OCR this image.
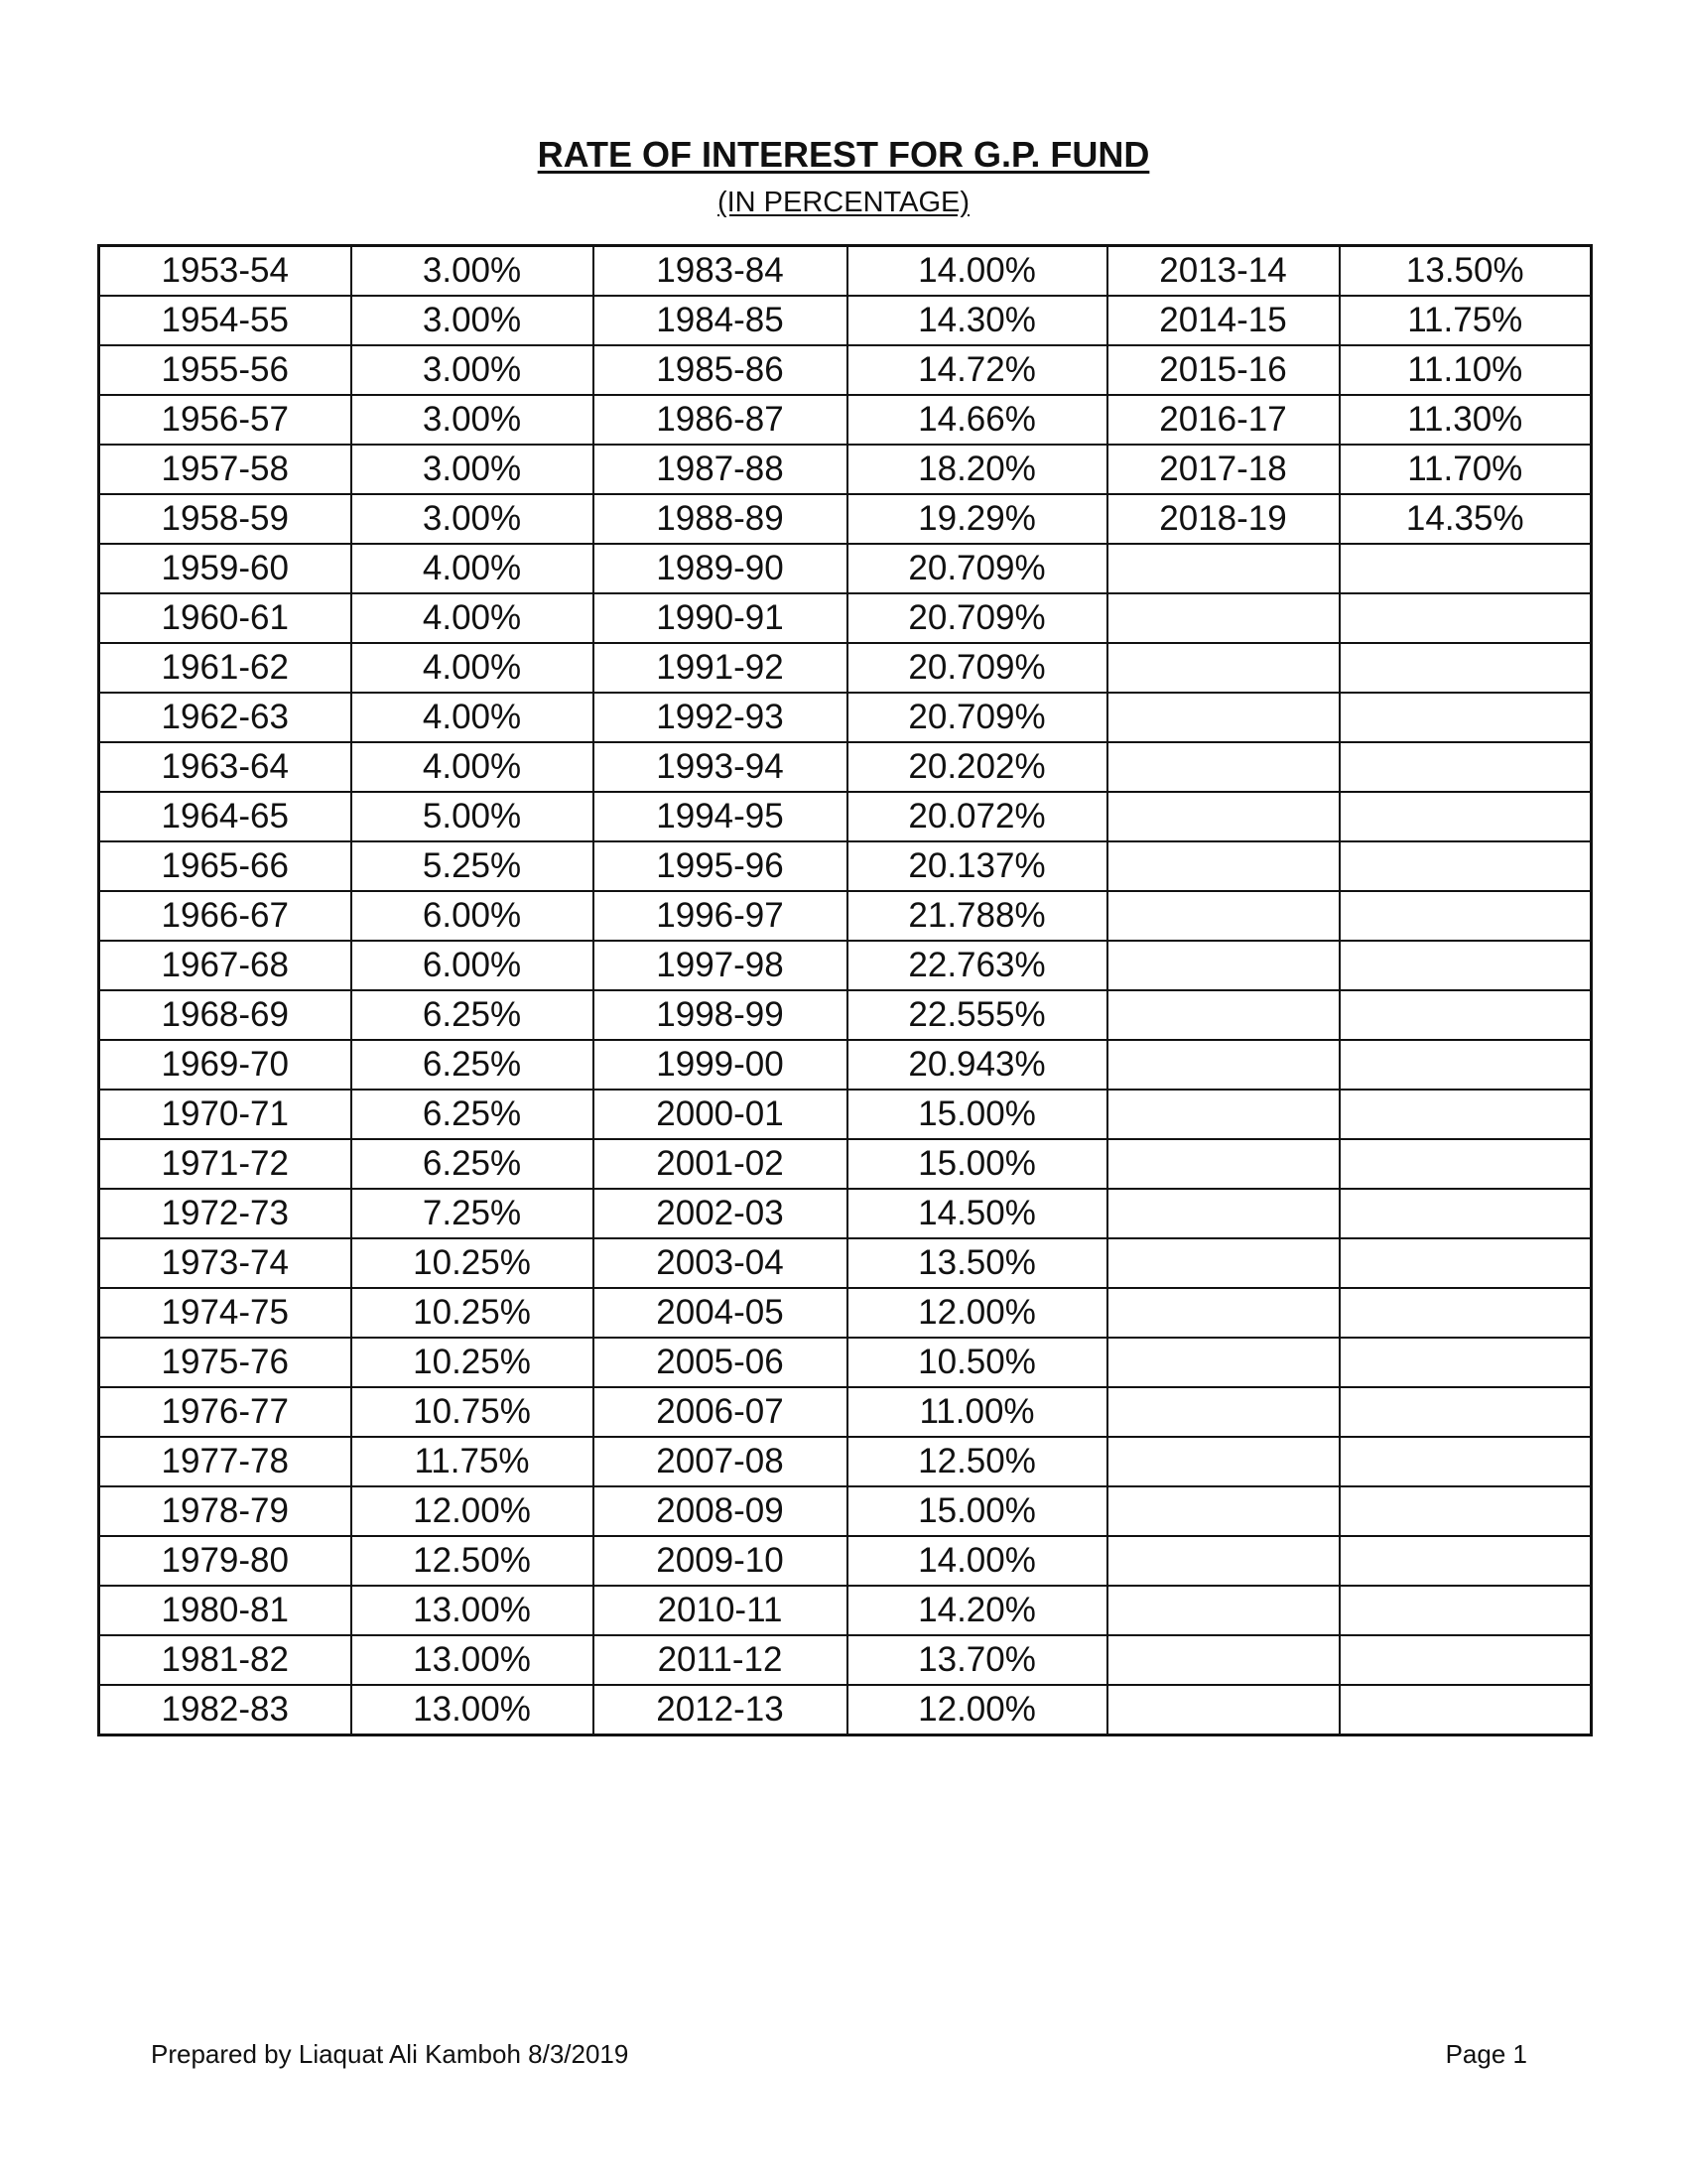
RATE OF INTEREST FOR G.P. FUND
(IN PERCENTAGE)
1953-54	3.00%	1983-84	14.00%	2013-14	13.50%
1954-55	3.00%	1984-85	14.30%	2014-15	11.75%
1955-56	3.00%	1985-86	14.72%	2015-16	11.10%
1956-57	3.00%	1986-87	14.66%	2016-17	11.30%
1957-58	3.00%	1987-88	18.20%	2017-18	11.70%
1958-59	3.00%	1988-89	19.29%	2018-19	14.35%
1959-60	4.00%	1989-90	20.709%		
1960-61	4.00%	1990-91	20.709%		
1961-62	4.00%	1991-92	20.709%		
1962-63	4.00%	1992-93	20.709%		
1963-64	4.00%	1993-94	20.202%		
1964-65	5.00%	1994-95	20.072%		
1965-66	5.25%	1995-96	20.137%		
1966-67	6.00%	1996-97	21.788%		
1967-68	6.00%	1997-98	22.763%		
1968-69	6.25%	1998-99	22.555%		
1969-70	6.25%	1999-00	20.943%		
1970-71	6.25%	2000-01	15.00%		
1971-72	6.25%	2001-02	15.00%		
1972-73	7.25%	2002-03	14.50%		
1973-74	10.25%	2003-04	13.50%		
1974-75	10.25%	2004-05	12.00%		
1975-76	10.25%	2005-06	10.50%		
1976-77	10.75%	2006-07	11.00%		
1977-78	11.75%	2007-08	12.50%		
1978-79	12.00%	2008-09	15.00%		
1979-80	12.50%	2009-10	14.00%		
1980-81	13.00%	2010-11	14.20%		
1981-82	13.00%	2011-12	13.70%		
1982-83	13.00%	2012-13	12.00%		
Prepared by Liaquat Ali Kamboh 8/3/2019	Page 1
